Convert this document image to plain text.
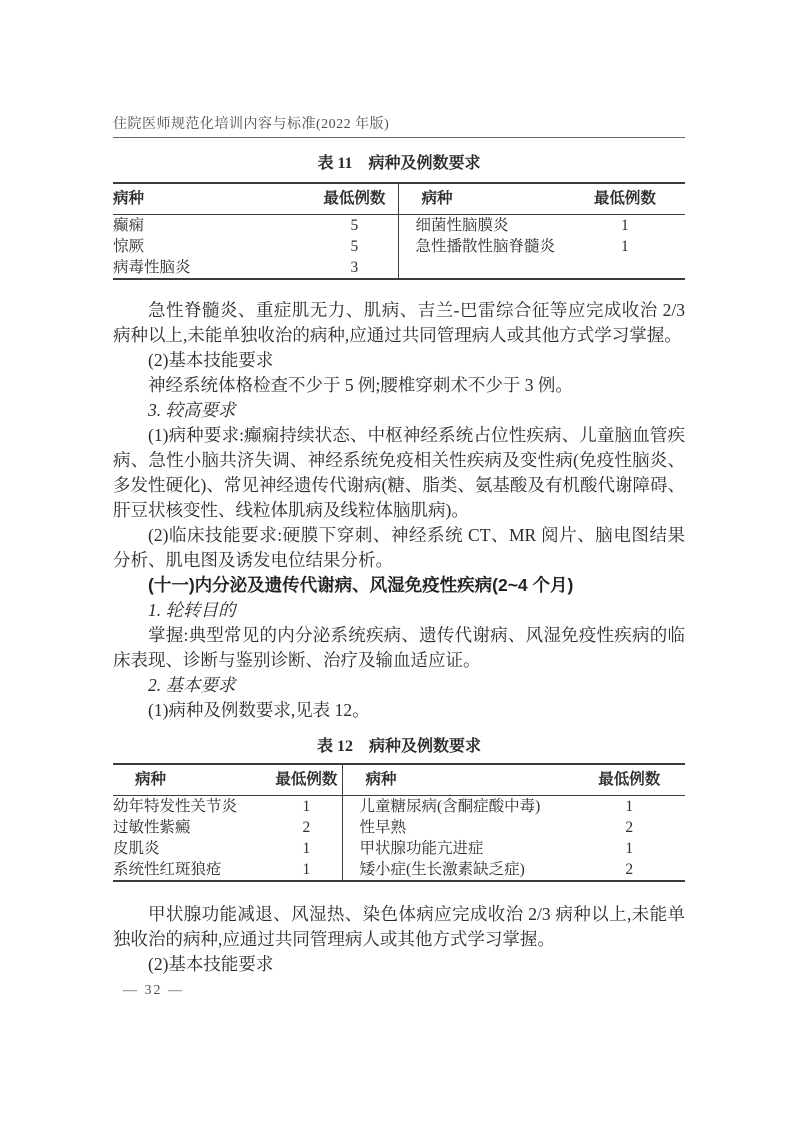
住院医师规范化培训内容与标准(2022 年版)
表 11　病种及例数要求
病种	最低例数	病种	最低例数
癫痫	5	细菌性脑膜炎	1
惊厥	5	急性播散性脑脊髓炎	1
病毒性脑炎	3		

急性脊髓炎、重症肌无力、肌病、吉兰-巴雷综合征等应完成收治 2/3 病种以上,未能单独收治的病种,应通过共同管理病人或其他方式学习掌握。

(2)基本技能要求

神经系统体格检查不少于 5 例;腰椎穿刺术不少于 3 例。

3. 较高要求

(1)病种要求:癫痫持续状态、中枢神经系统占位性疾病、儿童脑血管疾病、急性小脑共济失调、神经系统免疫相关性疾病及变性病(免疫性脑炎、多发性硬化)、常见神经遗传代谢病(糖、脂类、氨基酸及有机酸代谢障碍、肝豆状核变性、线粒体肌病及线粒体脑肌病)。

(2)临床技能要求:硬膜下穿刺、神经系统 CT、MR 阅片、脑电图结果分析、肌电图及诱发电位结果分析。

(十一)内分泌及遗传代谢病、风湿免疫性疾病(2~4 个月)

1. 轮转目的

掌握:典型常见的内分泌系统疾病、遗传代谢病、风湿免疫性疾病的临床表现、诊断与鉴别诊断、治疗及输血适应证。

2. 基本要求

(1)病种及例数要求,见表 12。

表 12　病种及例数要求
病种	最低例数	病种	最低例数
幼年特发性关节炎	1	儿童糖尿病(含酮症酸中毒)	1
过敏性紫癜	2	性早熟	2
皮肌炎	1	甲状腺功能亢进症	1
系统性红斑狼疮	1	矮小症(生长激素缺乏症)	2

甲状腺功能减退、风湿热、染色体病应完成收治 2/3 病种以上,未能单独收治的病种,应通过共同管理病人或其他方式学习掌握。

(2)基本技能要求

— 32 —
